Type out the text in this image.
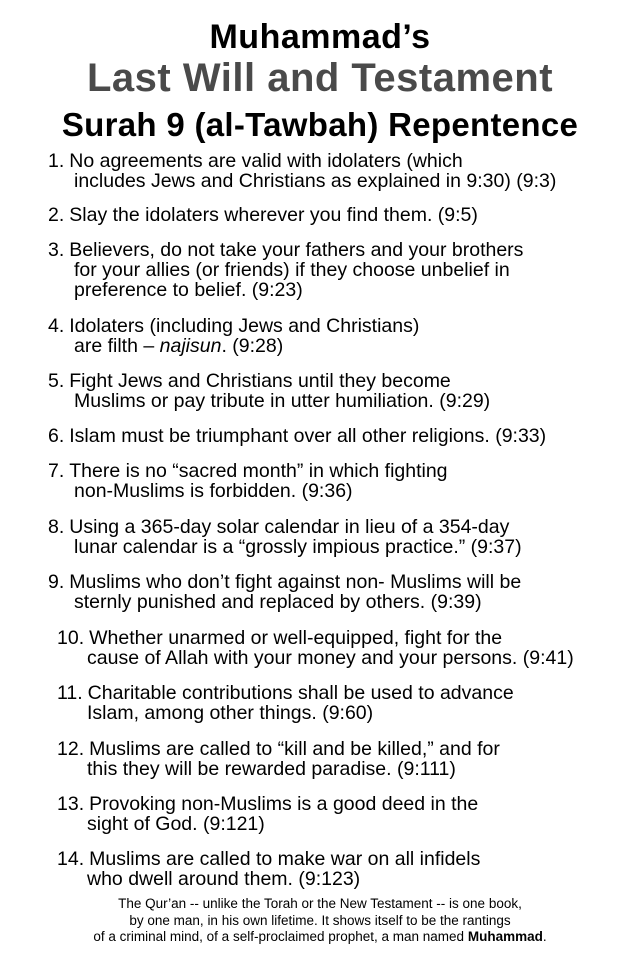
Muhammad’s
Last Will and Testament
Surah 9 (al-Tawbah) Repentence
1. No agreements are valid with idolaters (which
includes Jews and Christians as explained in 9:30) (9:3)
2. Slay the idolaters wherever you find them. (9:5)
3. Believers, do not take your fathers and your brothers
for your allies (or friends) if they choose unbelief in
preference to belief. (9:23)
4. Idolaters (including Jews and Christians)
are filth – najisun. (9:28)
5. Fight Jews and Christians until they become
Muslims or pay tribute in utter humiliation. (9:29)
6. Islam must be triumphant over all other religions. (9:33)
7. There is no “sacred month” in which fighting
non-Muslims is forbidden. (9:36)
8. Using a 365-day solar calendar in lieu of a 354-day
lunar calendar is a “grossly impious practice.” (9:37)
9. Muslims who don’t fight against non- Muslims will be
sternly punished and replaced by others. (9:39)
10. Whether unarmed or well-equipped, fight for the
cause of Allah with your money and your persons. (9:41)
11. Charitable contributions shall be used to advance
Islam, among other things. (9:60)
12. Muslims are called to “kill and be killed,” and for
this they will be rewarded paradise. (9:111)
13. Provoking non-Muslims is a good deed in the
sight of God. (9:121)
14. Muslims are called to make war on all infidels
who dwell around them. (9:123)
The Qur’an -- unlike the Torah or the New Testament -- is one book,
by one man, in his own lifetime. It shows itself to be the rantings
of a criminal mind, of a self-proclaimed prophet, a man named Muhammad.
